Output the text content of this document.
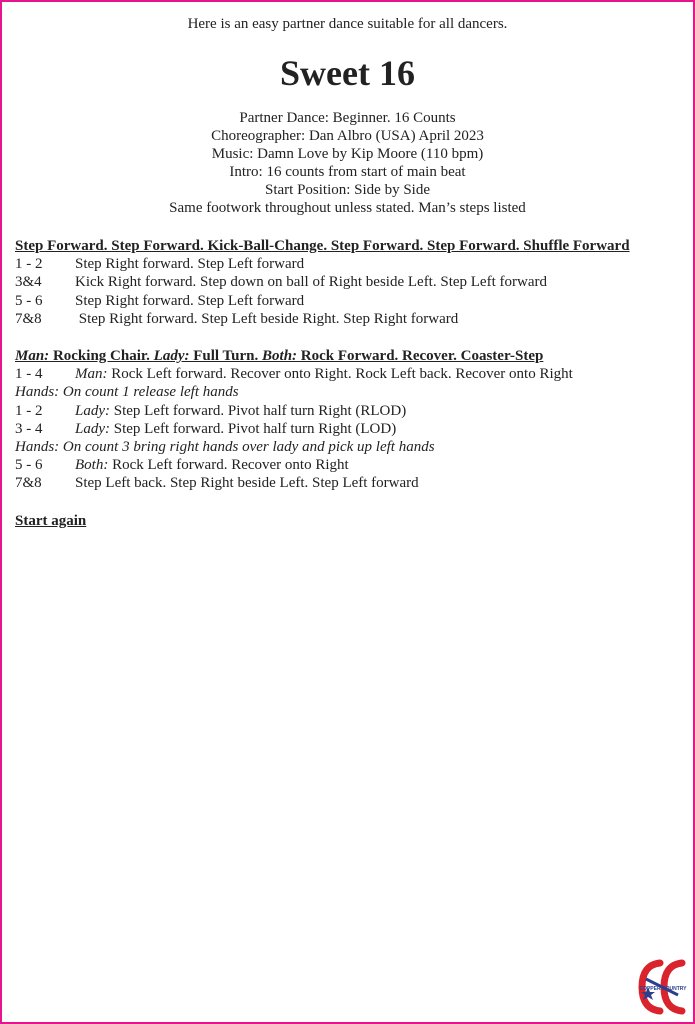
Here is an easy partner dance suitable for all dancers.
Sweet 16
Partner Dance: Beginner. 16 Counts
Choreographer: Dan Albro (USA) April 2023
Music: Damn Love by Kip Moore (110 bpm)
Intro: 16 counts from start of main beat
Start Position: Side by Side
Same footwork throughout unless stated. Man’s steps listed
Step Forward. Step Forward. Kick-Ball-Change. Step Forward. Step Forward. Shuffle Forward
1 - 2	Step Right forward. Step Left forward
3&4	Kick Right forward. Step down on ball of Right beside Left. Step Left forward
5 - 6	Step Right forward. Step Left forward
7&8	Step Right forward. Step Left beside Right. Step Right forward
Man: Rocking Chair. Lady: Full Turn. Both: Rock Forward. Recover. Coaster-Step
1 - 4	Man: Rock Left forward. Recover onto Right. Rock Left back. Recover onto Right
Hands: On count 1 release left hands
1 - 2	Lady: Step Left forward. Pivot half turn Right (RLOD)
3 - 4	Lady: Step Left forward. Pivot half turn Right (LOD)
Hands: On count 3 bring right hands over lady and pick up left hands
5 - 6	Both: Rock Left forward. Recover onto Right
7&8	Step Left back. Step Right beside Left. Step Left forward
Start again
COPPER COUNTRY
